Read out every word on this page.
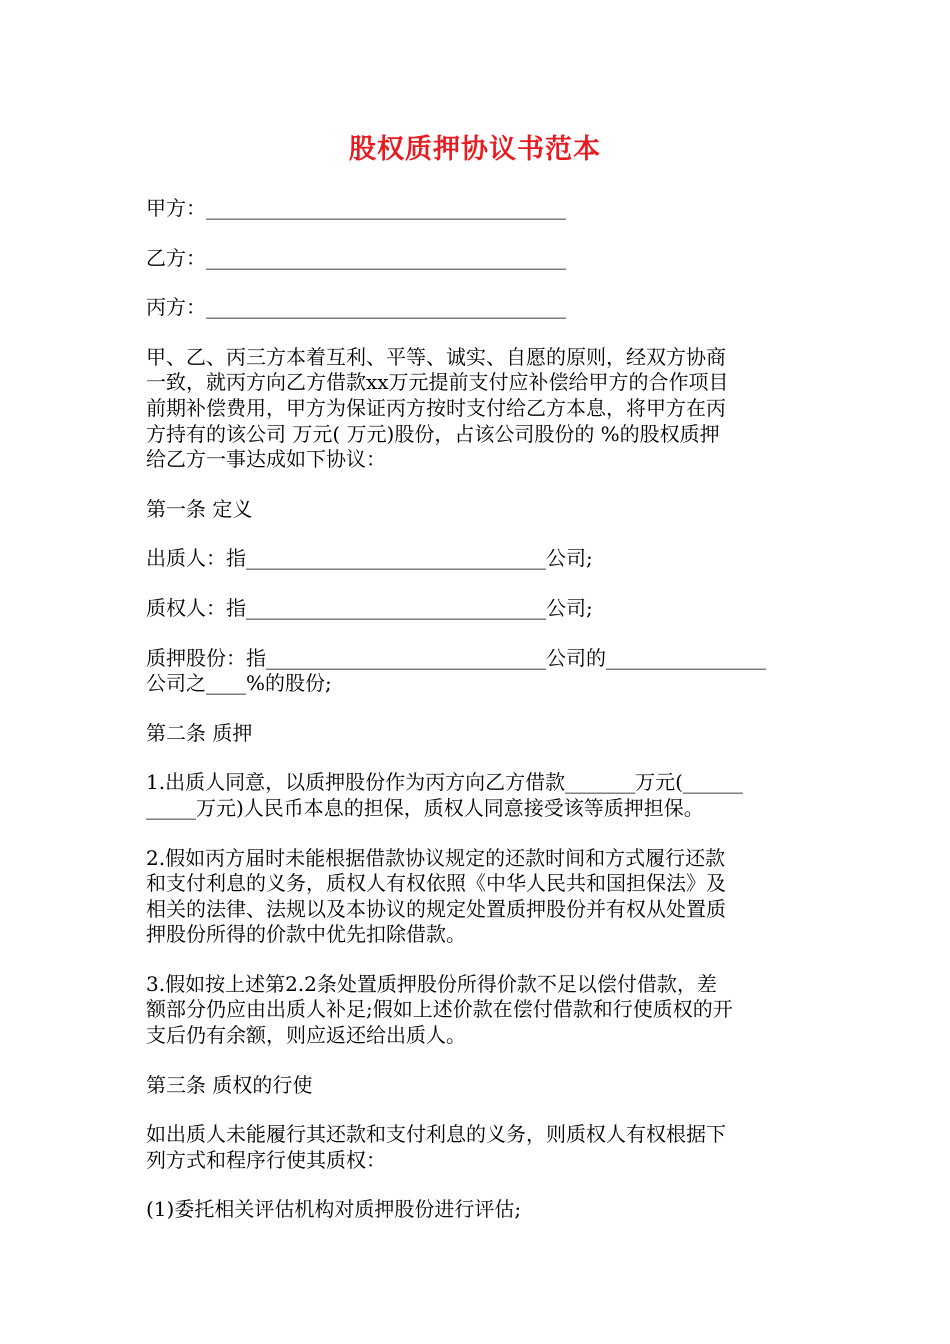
股权质押协议书范本

甲方：____________________________________

乙方：____________________________________

丙方：____________________________________

甲、乙、丙三方本着互利、平等、诚实、自愿的原则，经双方协商
一致，就丙方向乙方借款xx万元提前支付应补偿给甲方的合作项目
前期补偿费用，甲方为保证丙方按时支付给乙方本息，将甲方在丙
方持有的该公司 万元( 万元)股份，占该公司股份的 %的股权质押
给乙方一事达成如下协议：

第一条 定义

出质人：指______________________________公司;

质权人：指______________________________公司;

质押股份：指____________________________公司的________________
公司之____%的股份;

第二条 质押

1.出质人同意，以质押股份作为丙方向乙方借款_______万元(______
_____万元)人民币本息的担保，质权人同意接受该等质押担保。

2.假如丙方届时未能根据借款协议规定的还款时间和方式履行还款
和支付利息的义务，质权人有权依照《中华人民共和国担保法》及
相关的法律、法规以及本协议的规定处置质押股份并有权从处置质
押股份所得的价款中优先扣除借款。

3.假如按上述第2.2条处置质押股份所得价款不足以偿付借款，差
额部分仍应由出质人补足;假如上述价款在偿付借款和行使质权的开
支后仍有余额，则应返还给出质人。

第三条 质权的行使

如出质人未能履行其还款和支付利息的义务，则质权人有权根据下
列方式和程序行使其质权：

(1)委托相关评估机构对质押股份进行评估;
